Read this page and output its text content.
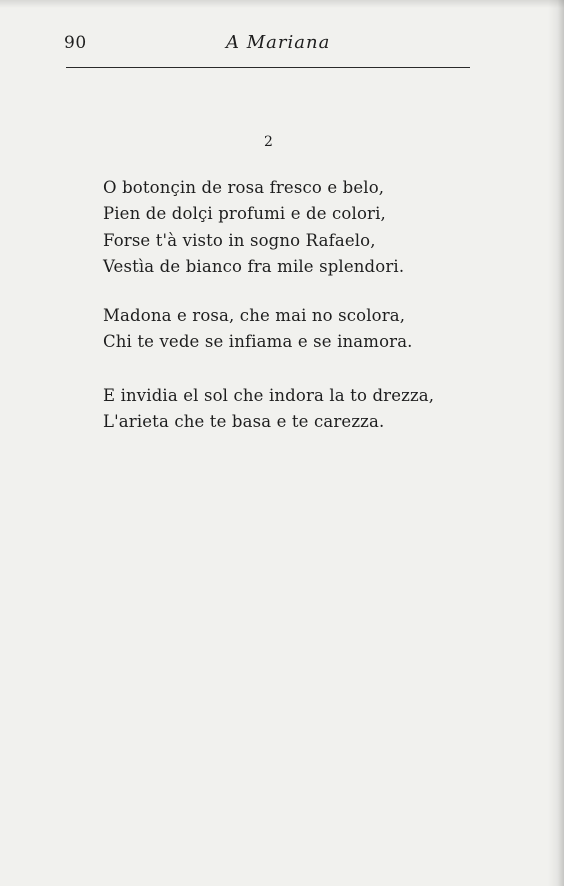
90	A Mariana
2
O botonçin de rosa fresco e belo,
Pien de dolçi profumi e de colori,
Forse t'à visto in sogno Rafaelo,
Vestìa de bianco fra mile splendori.
Madona e rosa, che mai no scolora,
Chi te vede se infiama e se inamora.
E invidia el sol che indora la to drezza,
L'arieta che te basa e te carezza.
